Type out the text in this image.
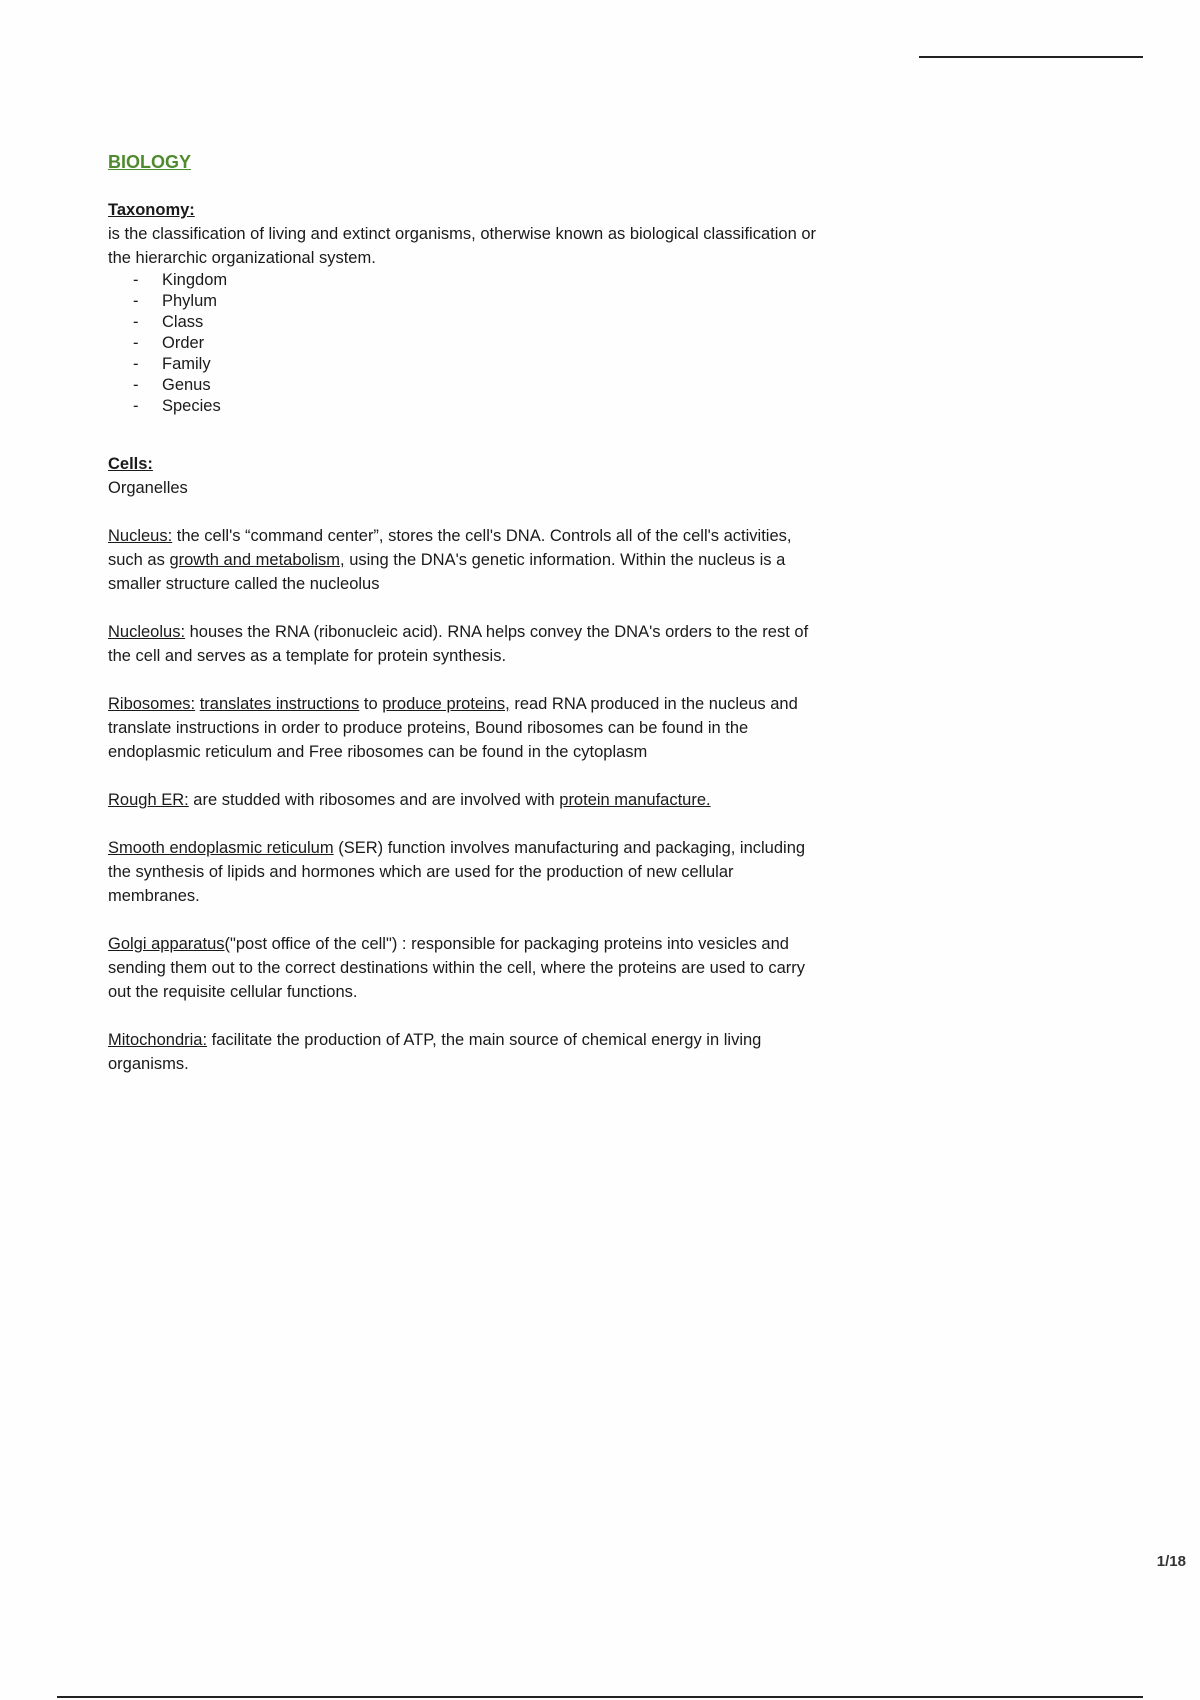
BIOLOGY
Taxonomy:

is the classification of living and extinct organisms, otherwise known as biological classification or the hierarchic organizational system.

- Kingdom
- Phylum
- Class
- Order
- Family
- Genus
- Species
Cells:

Organelles

Nucleus: the cell's “command center”, stores the cell's DNA. Controls all of the cell's activities, such as growth and metabolism, using the DNA's genetic information. Within the nucleus is a smaller structure called the nucleolus

Nucleolus: houses the RNA (ribonucleic acid). RNA helps convey the DNA's orders to the rest of the cell and serves as a template for protein synthesis.

Ribosomes: translates instructions to produce proteins, read RNA produced in the nucleus and translate instructions in order to produce proteins, Bound ribosomes can be found in the endoplasmic reticulum and Free ribosomes can be found in the cytoplasm

Rough ER: are studded with ribosomes and are involved with protein manufacture.

Smooth endoplasmic reticulum (SER) function involves manufacturing and packaging, including the synthesis of lipids and hormones which are used for the production of new cellular membranes.

Golgi apparatus("post office of the cell") : responsible for packaging proteins into vesicles and sending them out to the correct destinations within the cell, where the proteins are used to carry out the requisite cellular functions.

Mitochondria: facilitate the production of ATP, the main source of chemical energy in living organisms.

1/18
